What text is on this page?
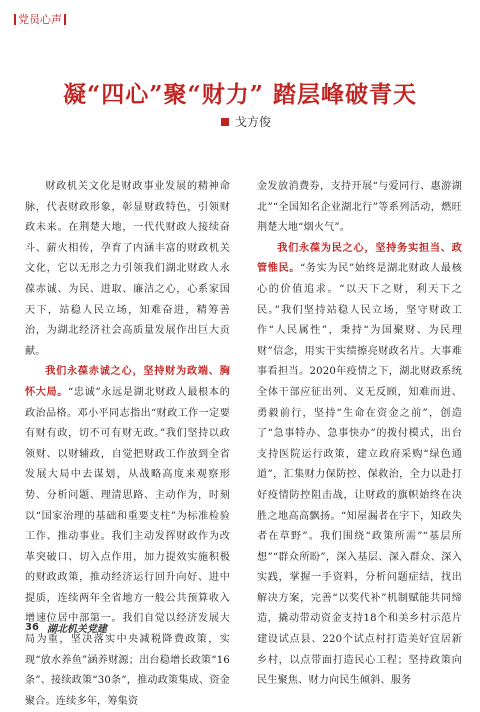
党员心声
凝“四心”聚“财力” 踏层峰破青天
戈方俊

财政机关文化是财政事业发展的精神命脉，代表财政形象，彰显财政特色，引领财政未来。在荆楚大地，一代代财政人接续奋斗、薪火相传，孕育了内涵丰富的财政机关文化，它以无形之力引领我们湖北财政人永葆赤诚、为民、进取、廉洁之心，心系家国天下，站稳人民立场，知难奋进，精筹善治，为湖北经济社会高质量发展作出巨大贡献。

我们永葆赤诚之心，坚持财为政端、胸怀大局。“忠诚”永远是湖北财政人最根本的政治品格。邓小平同志指出“财政工作一定要有财有政，切不可有财无政。”我们坚持以政领财、以财辅政，自觉把财政工作放到全省发展大局中去谋划，从战略高度来观察形势、分析问题、理清思路、主动作为，时刻以“国家治理的基础和重要支柱”为标准检验工作、推动事业。我们主动发挥财政作为改革突破口、切入点作用，加力提效实施积极的财政政策，推动经济运行回升向好、进中提质，连续两年全省地方一般公共预算收入增速位居中部第一。我们自觉以经济发展大局为重，坚决落实中央减税降费政策，实现“放水养鱼”涵养财源；出台稳增长政策“16条”、接续政策“30条”，推动政策集成、资金聚合。连续多年，筹集资

金发放消费券，支持开展“与爱同行、惠游湖北”“全国知名企业湖北行”等系列活动，燃旺荆楚大地“烟火气”。

我们永葆为民之心，坚持务实担当、政管惟民。“务实为民”始终是湖北财政人最核心的价值追求。“以天下之财，利天下之民。”我们坚持站稳人民立场，坚守财政工作“人民属性”，秉持“为国聚财、为民理财”信念，用实干实绩擦亮财政名片。大事难事看担当。2020年疫情之下，湖北财政系统全体干部应征出列、义无反顾，知难而进、勇毅前行，坚持“生命在资金之前”，创造了“急事特办、急事快办”的拨付模式，出台支持医院运行政策，建立政府采购“绿色通道”，汇集财力保防控、保救治，全力以赴打好疫情防控阻击战，让财政的旗帜始终在决胜之地高高飘扬。“知屋漏者在宇下，知政失者在草野”。我们围绕“政策所需”“基层所想”“群众所盼”，深入基层、深入群众、深入实践，掌握一手资料，分析问题症结，找出解决方案，完善“以奖代补”机制赋能共同缔造，撬动带动资金支持18个和美乡村示范片建设试点县、220个试点村打造美好宜居新乡村，以点带面打造民心工程；坚持政策向民生聚焦、财力向民生倾斜、服务

36 湖北机关党建
